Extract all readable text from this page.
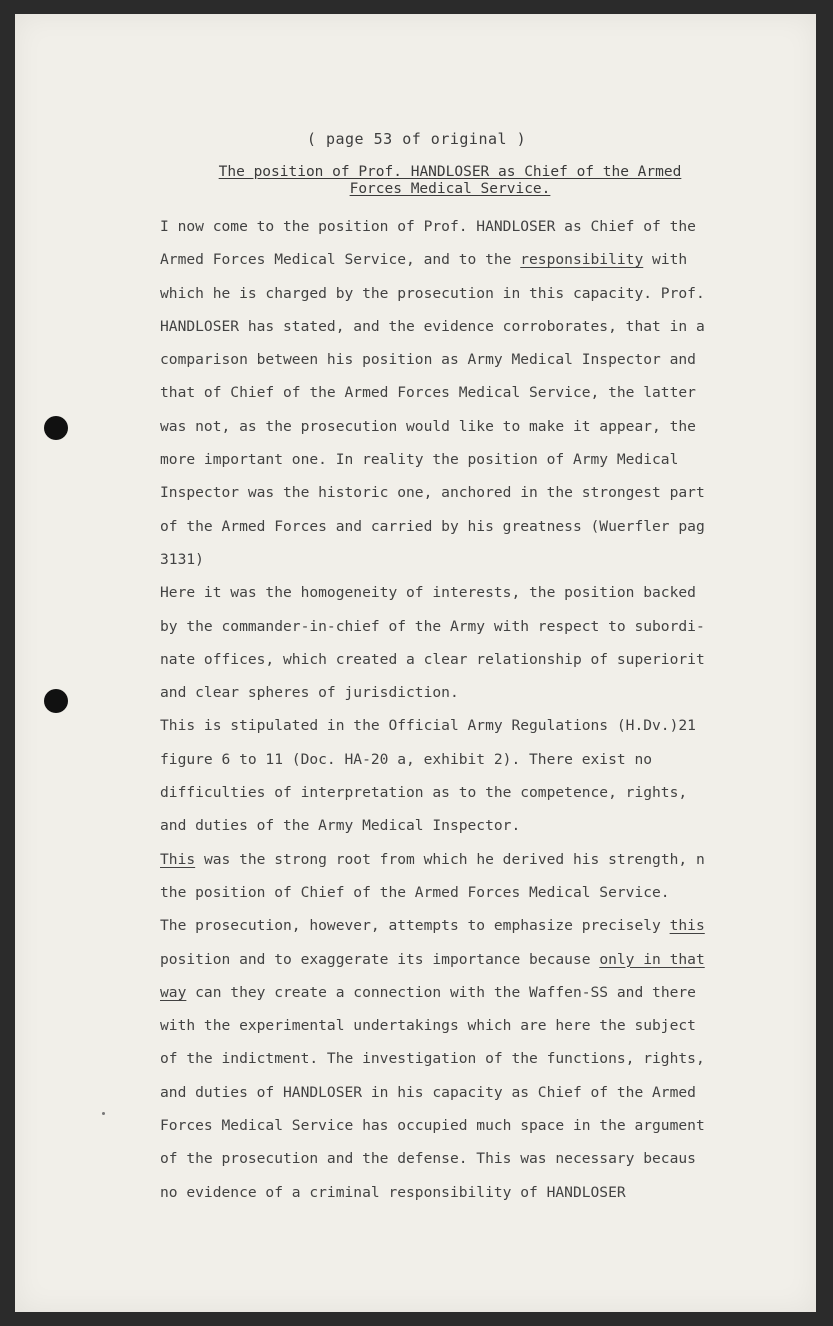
( page 53 of original )
The position of Prof. HANDLOSER as Chief of the Armed
Forces Medical Service.
I now come to the position of Prof. HANDLOSER as Chief of the
Armed Forces Medical Service, and to the responsibility with
which he is charged by the prosecution in this capacity. Prof.
HANDLOSER has stated, and the evidence corroborates, that in a
comparison between his position as Army Medical Inspector and
that of Chief of the Armed Forces Medical Service, the latter
was not, as the prosecution would like to make it appear, the
more important one. In reality the position of Army Medical
Inspector was the historic one, anchored in the strongest part
of the Armed Forces and carried by his greatness (Wuerfler pag
3131)
Here it was the homogeneity of interests, the position backed
by the commander-in-chief of the Army with respect to subordi-
nate offices, which created a clear relationship of superiorit
and clear spheres of jurisdiction.
This is stipulated in the Official Army Regulations (H.Dv.)21
figure 6 to 11 (Doc. HA-20 a, exhibit 2). There exist no
difficulties of interpretation as to the competence, rights,
and duties of the Army Medical Inspector.
This was the strong root from which he derived his strength, n
the position of Chief of the Armed Forces Medical Service.
The prosecution, however, attempts to emphasize precisely this
position and to exaggerate its importance because only in that
way can they create a connection with the Waffen-SS and there
with the experimental undertakings which are here the subject
of the indictment. The investigation of the functions, rights,
and duties of HANDLOSER in his capacity as Chief of the Armed
Forces Medical Service has occupied much space in the argument
of the prosecution and the defense. This was necessary becaus
no evidence of a criminal responsibility of HANDLOSER
